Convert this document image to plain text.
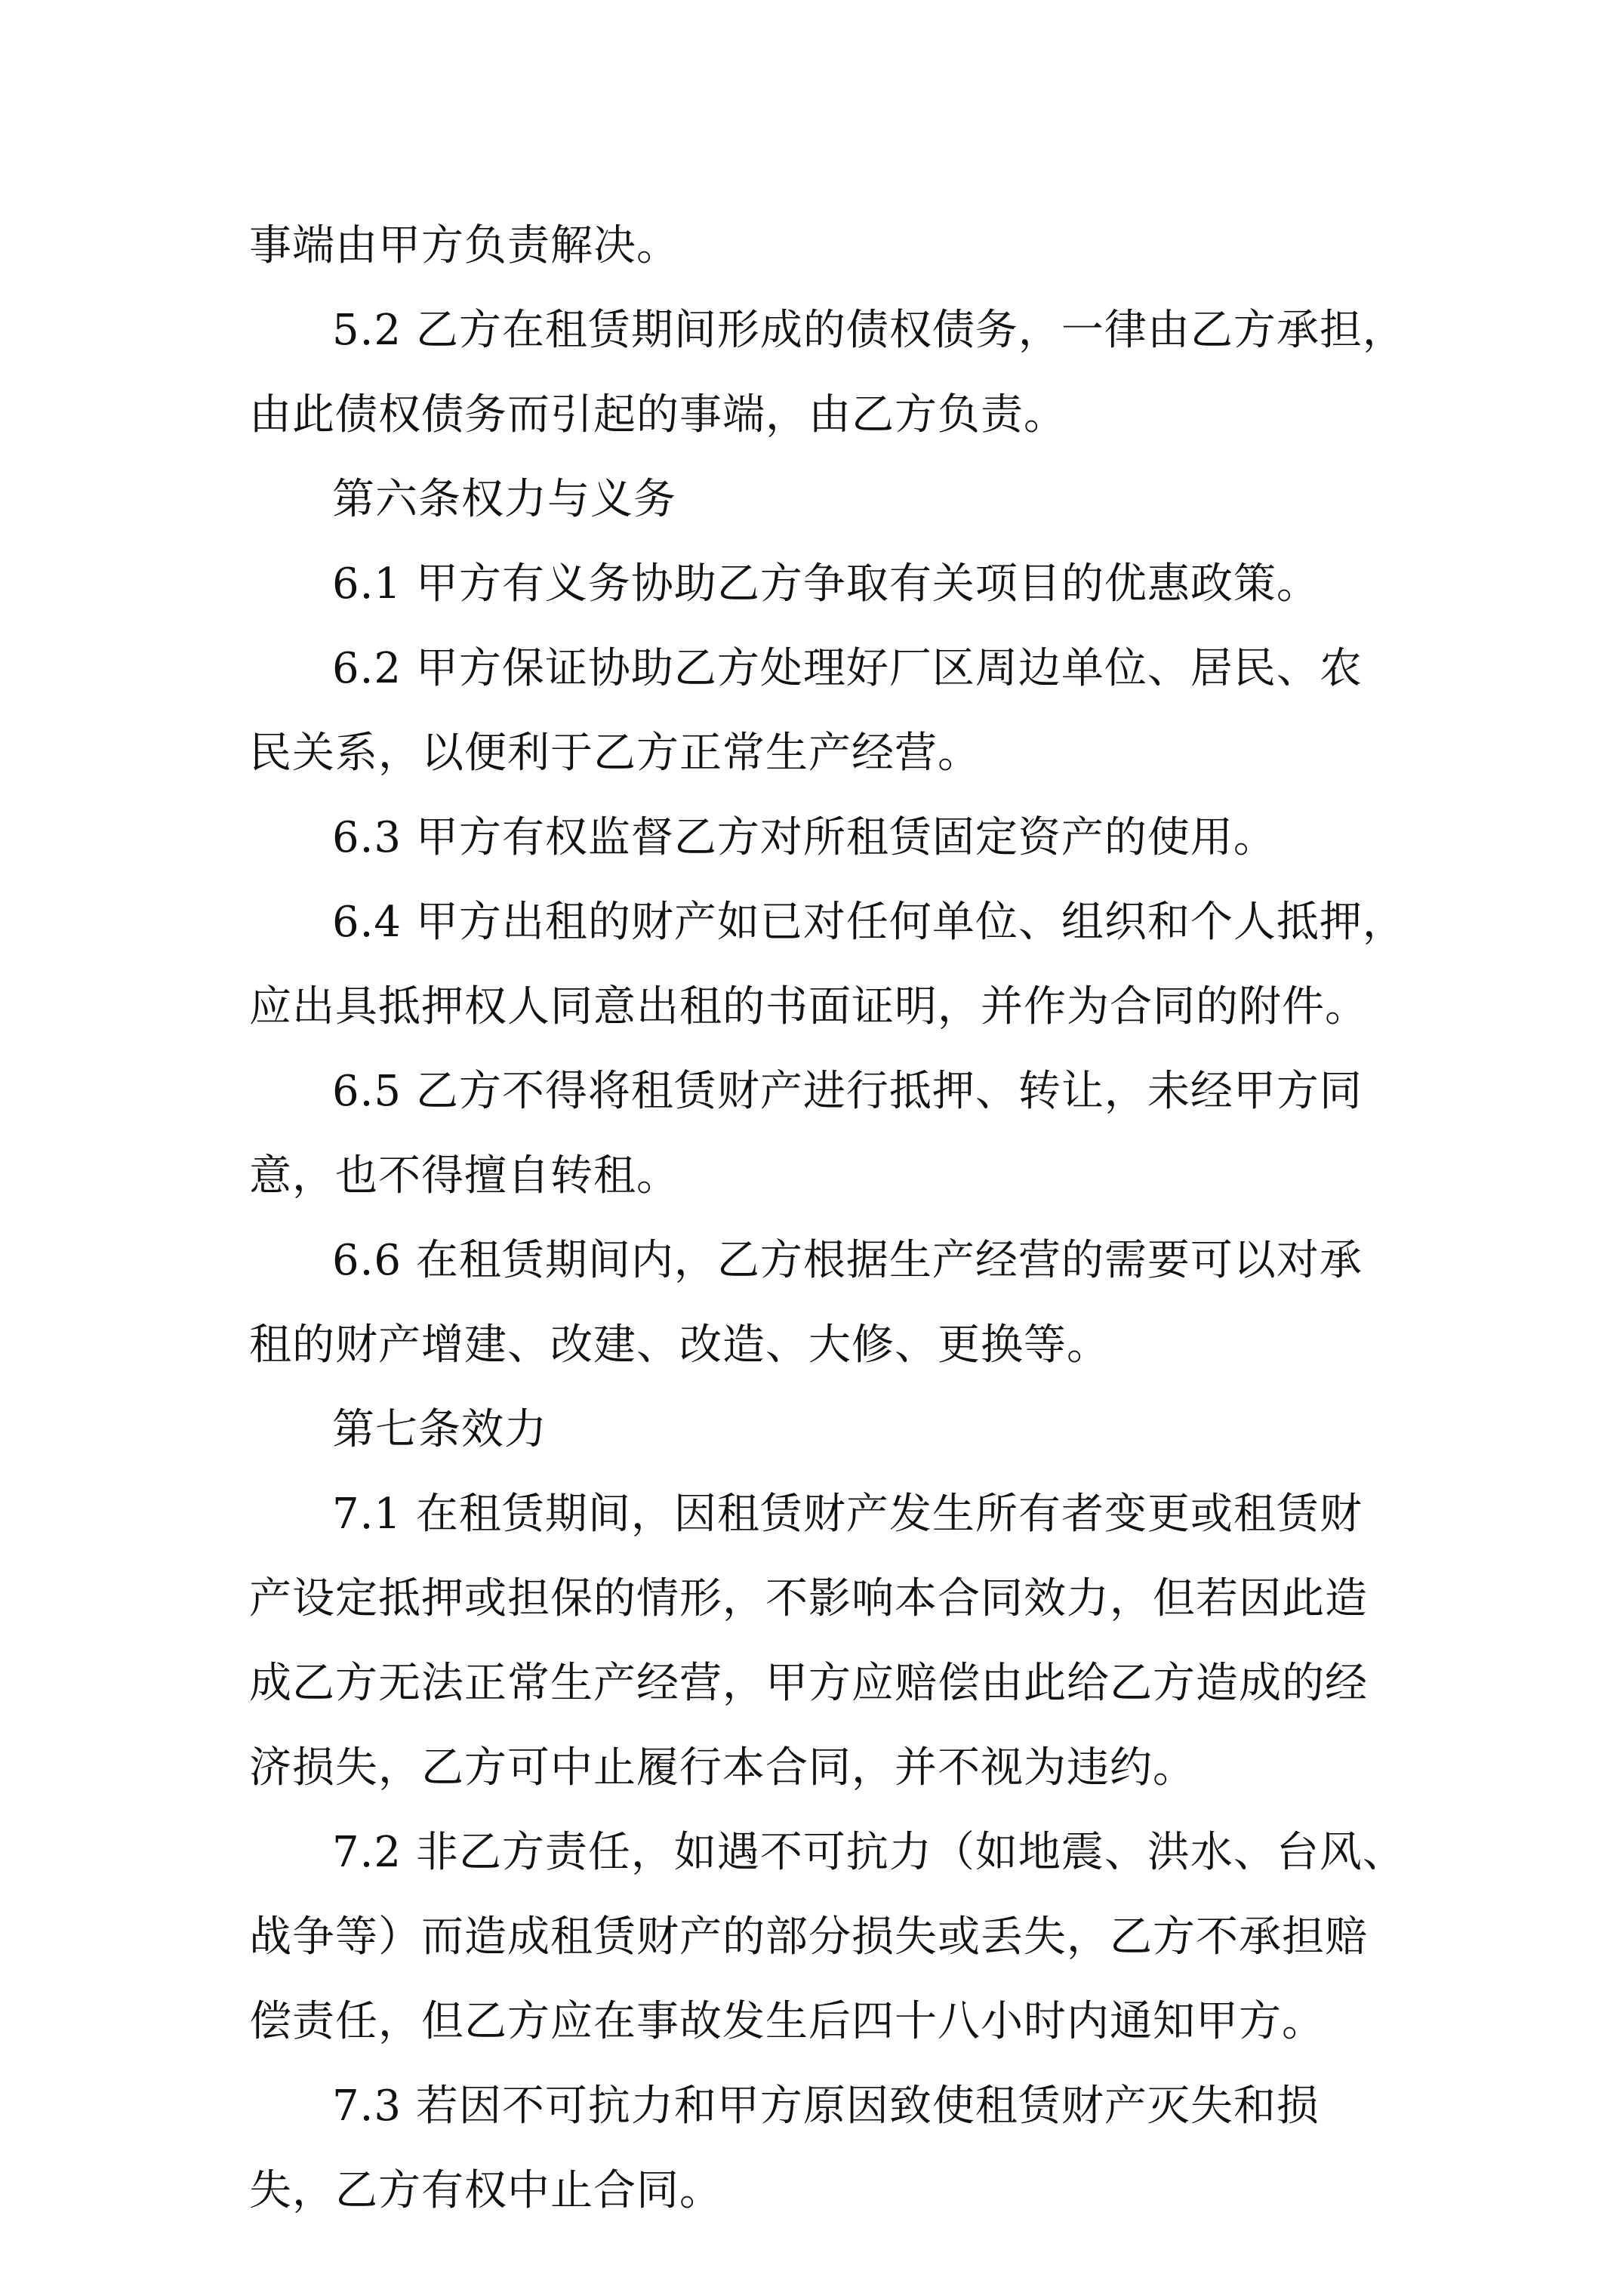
事端由甲方负责解决。
5.2 乙方在租赁期间形成的债权债务，一律由乙方承担，
由此债权债务而引起的事端，由乙方负责。
第六条权力与义务
6.1 甲方有义务协助乙方争取有关项目的优惠政策。
6.2 甲方保证协助乙方处理好厂区周边单位、居民、农
民关系，以便利于乙方正常生产经营。
6.3 甲方有权监督乙方对所租赁固定资产的使用。
6.4 甲方出租的财产如已对任何单位、组织和个人抵押，
应出具抵押权人同意出租的书面证明，并作为合同的附件。
6.5 乙方不得将租赁财产进行抵押、转让，未经甲方同
意，也不得擅自转租。
6.6 在租赁期间内，乙方根据生产经营的需要可以对承
租的财产增建、改建、改造、大修、更换等。
第七条效力
7.1 在租赁期间，因租赁财产发生所有者变更或租赁财
产设定抵押或担保的情形，不影响本合同效力，但若因此造
成乙方无法正常生产经营，甲方应赔偿由此给乙方造成的经
济损失，乙方可中止履行本合同，并不视为违约。
7.2 非乙方责任，如遇不可抗力（如地震、洪水、台风、
战争等）而造成租赁财产的部分损失或丢失，乙方不承担赔
偿责任，但乙方应在事故发生后四十八小时内通知甲方。
7.3 若因不可抗力和甲方原因致使租赁财产灭失和损
失，乙方有权中止合同。
